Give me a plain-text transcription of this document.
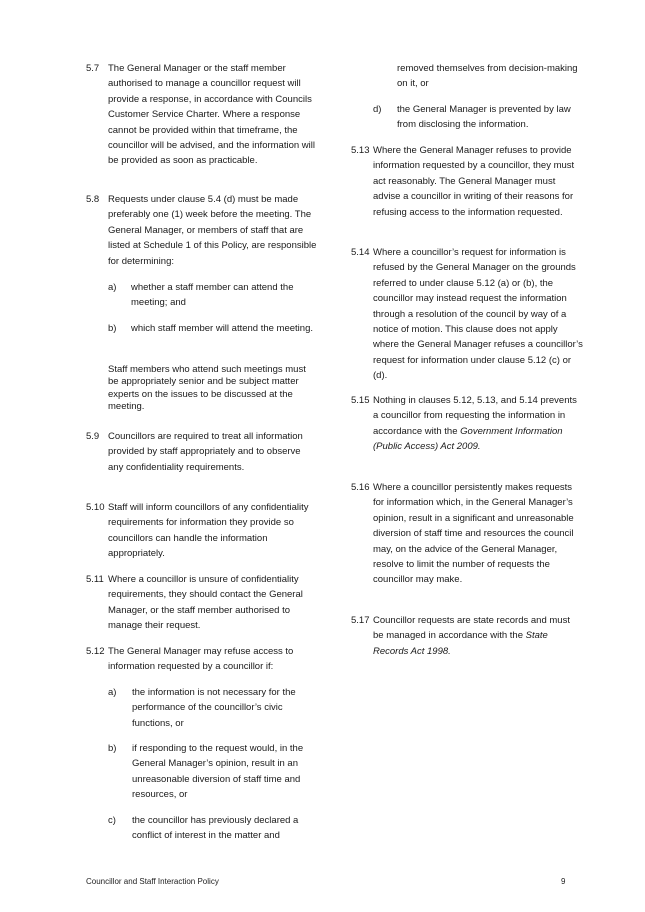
5.7 The General Manager or the staff member authorised to manage a councillor request will provide a response, in accordance with Councils Customer Service Charter. Where a response cannot be provided within that timeframe, the councillor will be advised, and the information will be provided as soon as practicable.
5.8 Requests under clause 5.4 (d) must be made preferably one (1) week before the meeting. The General Manager, or members of staff that are listed at Schedule 1 of this Policy, are responsible for determining:
a) whether a staff member can attend the meeting; and
b) which staff member will attend the meeting.
Staff members who attend such meetings must be appropriately senior and be subject matter experts on the issues to be discussed at the meeting.
5.9 Councillors are required to treat all information provided by staff appropriately and to observe any confidentiality requirements.
5.10 Staff will inform councillors of any confidentiality requirements for information they provide so councillors can handle the information appropriately.
5.11 Where a councillor is unsure of confidentiality requirements, they should contact the General Manager, or the staff member authorised to manage their request.
5.12 The General Manager may refuse access to information requested by a councillor if:
a) the information is not necessary for the performance of the councillor’s civic functions, or
b) if responding to the request would, in the General Manager’s opinion, result in an unreasonable diversion of staff time and resources, or
c) the councillor has previously declared a conflict of interest in the matter and
removed themselves from decision-making on it, or
d) the General Manager is prevented by law from disclosing the information.
5.13 Where the General Manager refuses to provide information requested by a councillor, they must act reasonably. The General Manager must advise a councillor in writing of their reasons for refusing access to the information requested.
5.14 Where a councillor’s request for information is refused by the General Manager on the grounds referred to under clause 5.12 (a) or (b), the councillor may instead request the information through a resolution of the council by way of a notice of motion. This clause does not apply where the General Manager refuses a councillor’s request for information under clause 5.12 (c) or (d).
5.15 Nothing in clauses 5.12, 5.13, and 5.14 prevents a councillor from requesting the information in accordance with the Government Information (Public Access) Act 2009.
5.16 Where a councillor persistently makes requests for information which, in the General Manager’s opinion, result in a significant and unreasonable diversion of staff time and resources the council may, on the advice of the General Manager, resolve to limit the number of requests the councillor may make.
5.17 Councillor requests are state records and must be managed in accordance with the State Records Act 1998.
Councillor and Staff Interaction Policy	9
